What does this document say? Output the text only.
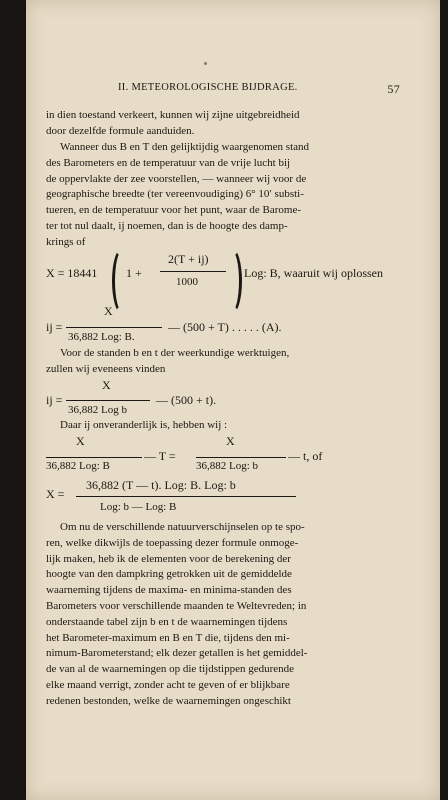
II. METEOROLOGISCHE BIJDRAGE.	57
in dien toestand verkeert, kunnen wij zijne uitgebreidheid
door dezelfde formule aanduiden.
Wanneer dus B en T den gelijktijdig waargenomen stand
des Barometers en de temperatuur van de vrije lucht bij
de oppervlakte der zee voorstellen, — wanneer wij voor de
geographische breedte (ter vereenvoudiging) 6° 10′ substi-
tueren, en de temperatuur voor het punt, waar de Barome-
ter tot nul daalt, ij noemen, dan is de hoogte des damp-
krings of
X = 18441 1 +
2(T + ij)
1000
Log: B, waaruit wij oplossen
X
ij =
36,882 Log: B.
— (500 + T) . . . . . (A).
Voor de standen b en t der weerkundige werktuigen,
zullen wij eveneens vinden
X
ij =
36,882 Log b
— (500 + t).
Daar ij onveranderlijk is, hebben wij :
X
36,882 Log: B
— T =
X
36,882 Log: b
— t, of
36,882 (T — t). Log: B. Log: b
X =
Log: b — Log: B
Om nu de verschillende natuurverschijnselen op te spo-
ren, welke dikwijls de toepassing dezer formule onmoge-
lijk maken, heb ik de elementen voor de berekening der
hoogte van den dampkring getrokken uit de gemiddelde
waarneming tijdens de maxima- en minima-standen des
Barometers voor verschillende maanden te Weltevreden; in
onderstaande tabel zijn b en t de waarnemingen tijdens
het Barometer-maximum en B en T die, tijdens den mi-
nimum-Barometerstand; elk dezer getallen is het gemiddel-
de van al de waarnemingen op die tijdstippen gedurende
elke maand verrigt, zonder acht te geven of er blijkbare
redenen bestonden, welke de waarnemingen ongeschikt
